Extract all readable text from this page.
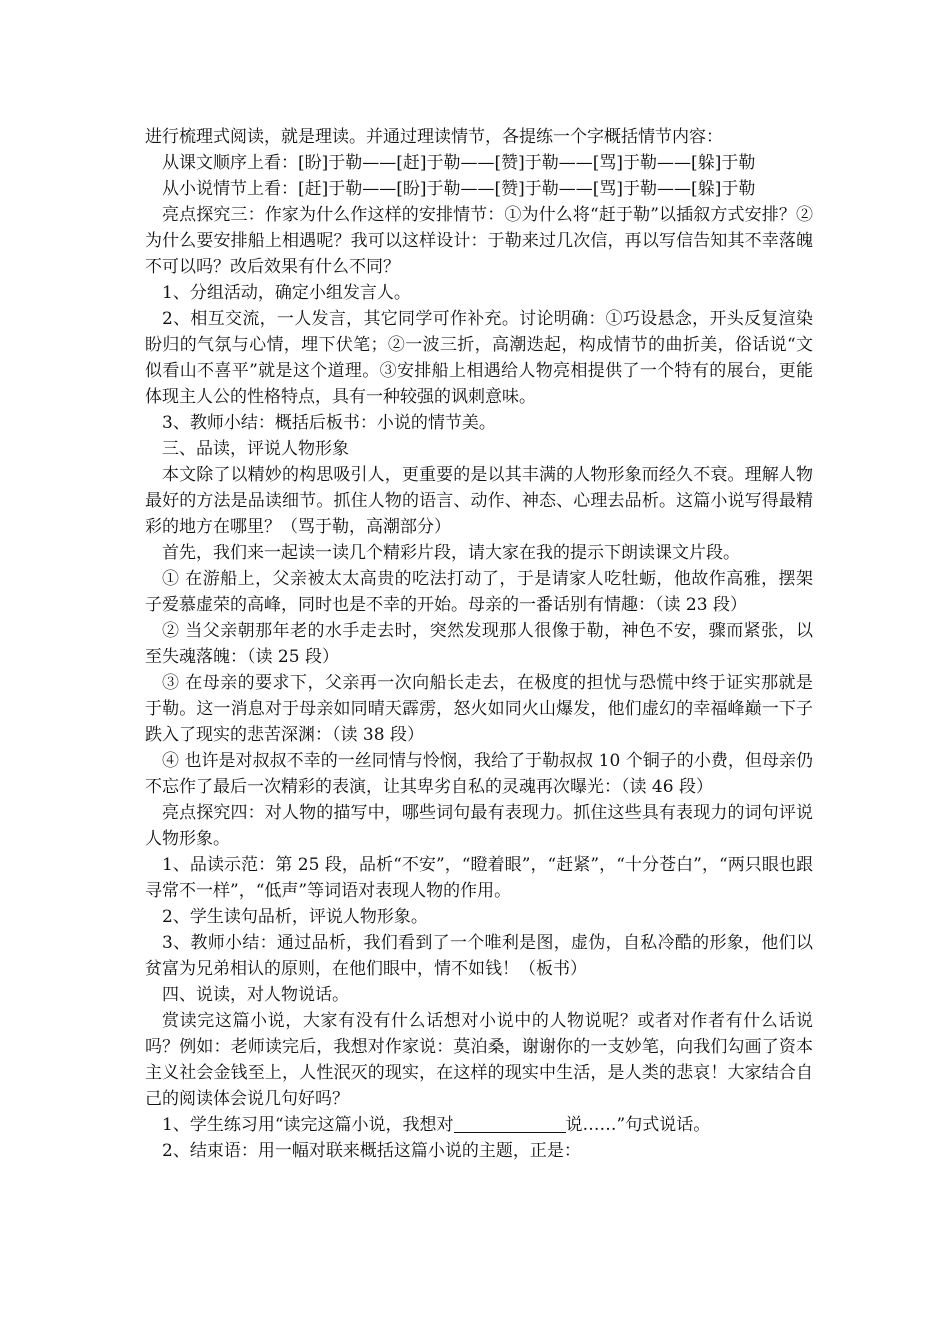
进行梳理式阅读，就是理读。并通过理读情节，各提练一个字概括情节内容：

从课文顺序上看：[盼]于勒——[赶]于勒——[赞]于勒——[骂]于勒——[躲]于勒

从小说情节上看：[赶]于勒——[盼]于勒——[赞]于勒——[骂]于勒——[躲]于勒

亮点探究三：作家为什么作这样的安排情节：①为什么将“赶于勒”以插叙方式安排？②为什么要安排船上相遇呢？我可以这样设计：于勒来过几次信，再以写信告知其不幸落魄不可以吗？改后效果有什么不同？

1、分组活动，确定小组发言人。

2、相互交流，一人发言，其它同学可作补充。讨论明确：①巧设悬念，开头反复渲染盼归的气氛与心情，埋下伏笔；②一波三折，高潮迭起，构成情节的曲折美，俗话说“文似看山不喜平”就是这个道理。③安排船上相遇给人物亮相提供了一个特有的展台，更能体现主人公的性格特点，具有一种较强的讽刺意味。

3、教师小结：概括后板书：小说的情节美。

三、品读，评说人物形象

本文除了以精妙的构思吸引人，更重要的是以其丰满的人物形象而经久不衰。理解人物最好的方法是品读细节。抓住人物的语言、动作、神态、心理去品析。这篇小说写得最精彩的地方在哪里？（骂于勒，高潮部分）

首先，我们来一起读一读几个精彩片段，请大家在我的提示下朗读课文片段。

① 在游船上，父亲被太太高贵的吃法打动了，于是请家人吃牡蛎，他故作高雅，摆架子爱慕虚荣的高峰，同时也是不幸的开始。母亲的一番话别有情趣：（读 23 段）

② 当父亲朝那年老的水手走去时，突然发现那人很像于勒，神色不安，骤而紧张，以至失魂落魄：（读 25 段）

③ 在母亲的要求下，父亲再一次向船长走去，在极度的担忧与恐慌中终于证实那就是于勒。这一消息对于母亲如同晴天霹雳，怒火如同火山爆发，他们虚幻的幸福峰巅一下子跌入了现实的悲苦深渊：（读 38 段）

④ 也许是对叔叔不幸的一丝同情与怜悯，我给了于勒叔叔 10 个铜子的小费，但母亲仍不忘作了最后一次精彩的表演，让其卑劣自私的灵魂再次曝光：（读 46 段）

亮点探究四：对人物的描写中，哪些词句最有表现力。抓住这些具有表现力的词句评说人物形象。

1、品读示范：第 25 段，品析“不安”，“瞪着眼”，“赶紧”，“十分苍白”，“两只眼也跟寻常不一样”，“低声”等词语对表现人物的作用。

2、学生读句品析，评说人物形象。

3、教师小结：通过品析，我们看到了一个唯利是图，虚伪，自私冷酷的形象，他们以贫富为兄弟相认的原则，在他们眼中，情不如钱！（板书）

四、说读，对人物说话。

赏读完这篇小说，大家有没有什么话想对小说中的人物说呢？或者对作者有什么话说吗？例如：老师读完后，我想对作家说：莫泊桑，谢谢你的一支妙笔，向我们勾画了资本主义社会金钱至上，人性泯灭的现实，在这样的现实中生活，是人类的悲哀！大家结合自己的阅读体会说几句好吗？

1、学生练习用“读完这篇小说，我想对	说……”句式说话。

2、结束语：用一幅对联来概括这篇小说的主题，正是：
